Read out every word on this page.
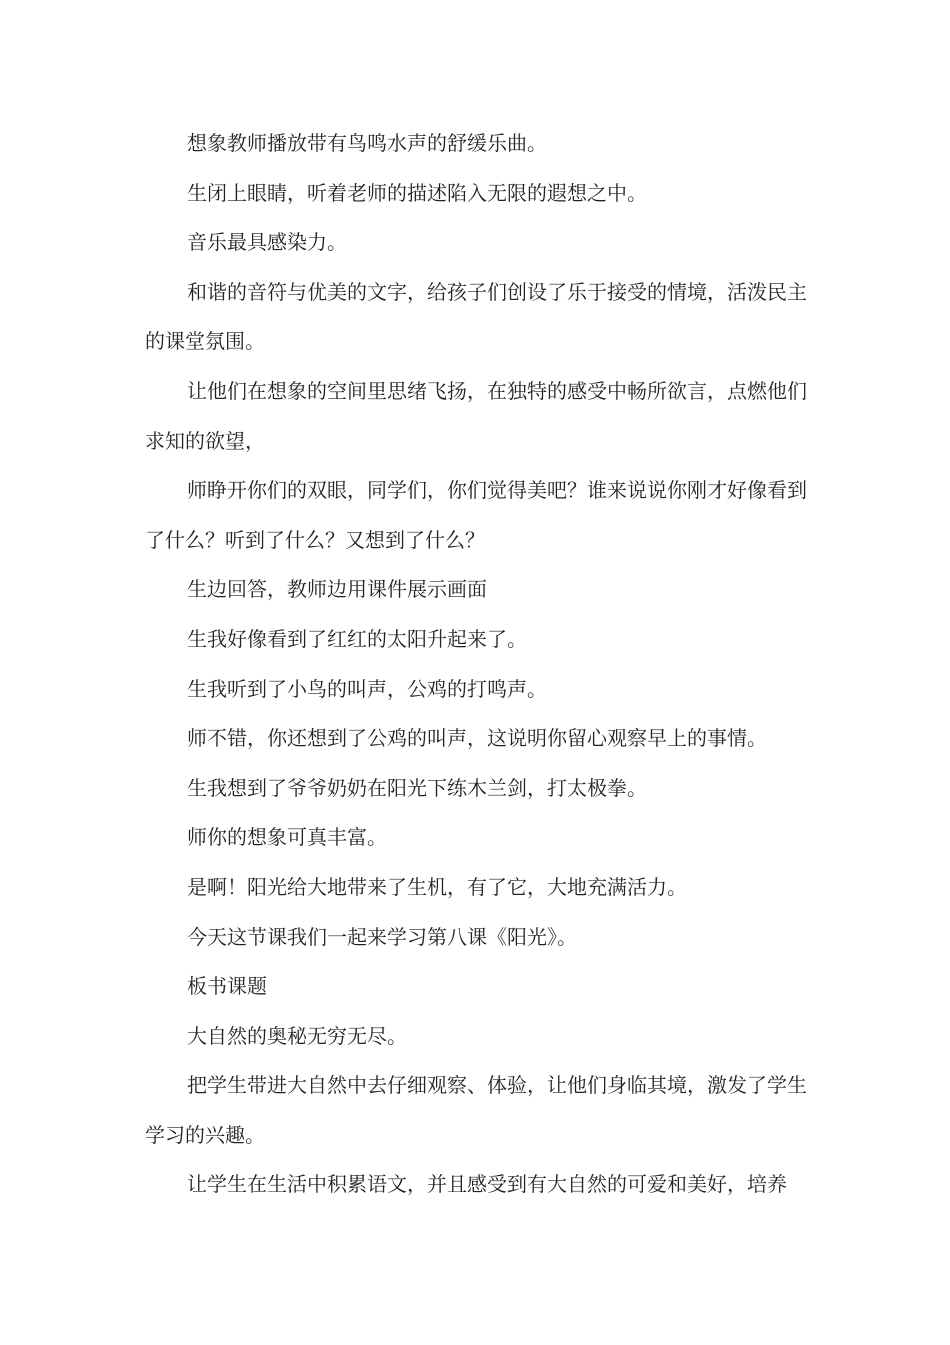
想象教师播放带有鸟鸣水声的舒缓乐曲。

生闭上眼睛，听着老师的描述陷入无限的遐想之中。

音乐最具感染力。

和谐的音符与优美的文字，给孩子们创设了乐于接受的情境，活泼民主的课堂氛围。

让他们在想象的空间里思绪飞扬，在独特的感受中畅所欲言，点燃他们求知的欲望，

师睁开你们的双眼，同学们，你们觉得美吧？谁来说说你刚才好像看到了什么？听到了什么？又想到了什么？

生边回答，教师边用课件展示画面

生我好像看到了红红的太阳升起来了。

生我听到了小鸟的叫声，公鸡的打鸣声。

师不错，你还想到了公鸡的叫声，这说明你留心观察早上的事情。

生我想到了爷爷奶奶在阳光下练木兰剑，打太极拳。

师你的想象可真丰富。

是啊！阳光给大地带来了生机，有了它，大地充满活力。

今天这节课我们一起来学习第八课《阳光》。

板书课题

大自然的奥秘无穷无尽。

把学生带进大自然中去仔细观察、体验，让他们身临其境，激发了学生学习的兴趣。

让学生在生活中积累语文，并且感受到有大自然的可爱和美好，培养
